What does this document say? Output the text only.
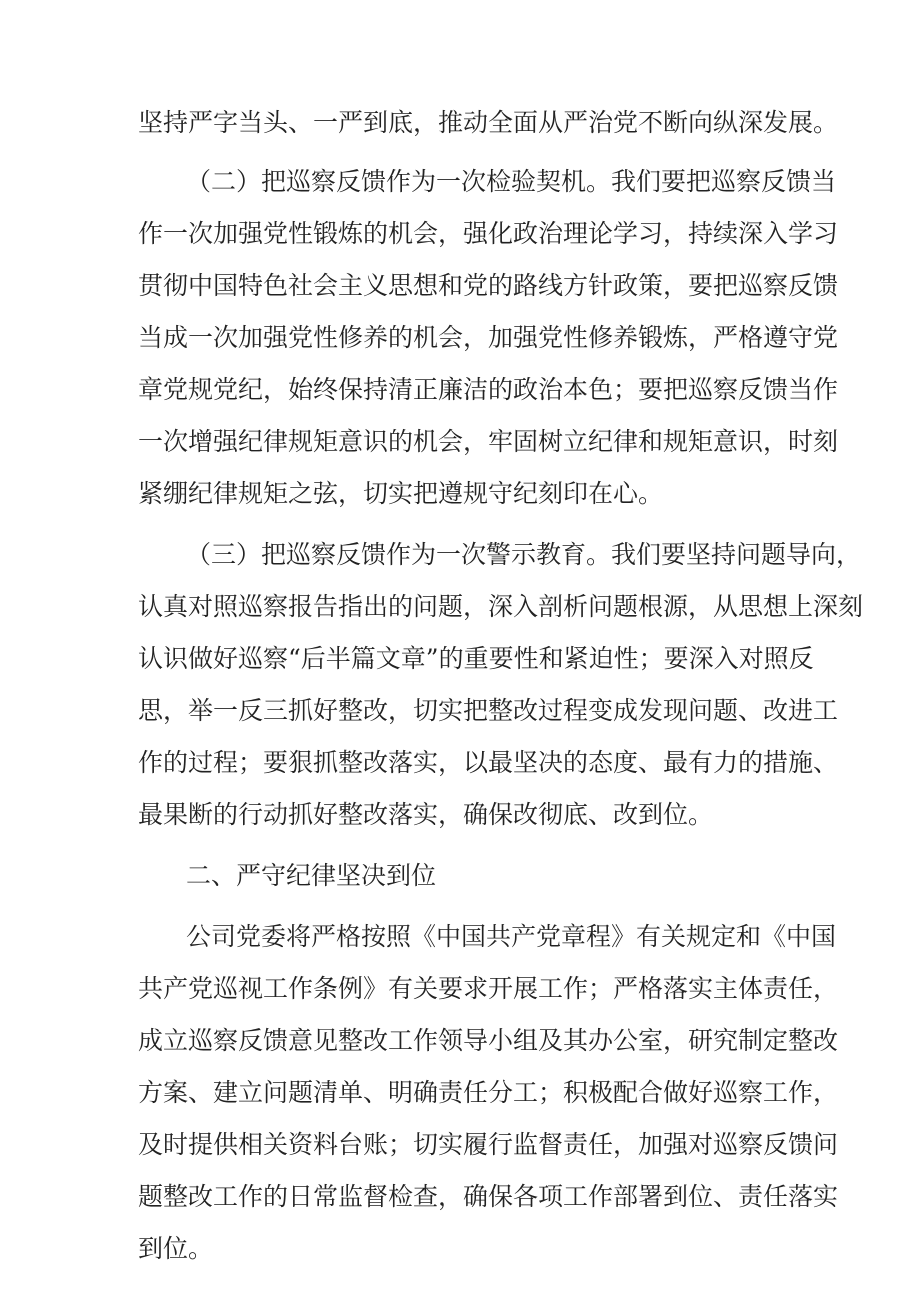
坚持严字当头、一严到底，推动全面从严治党不断向纵深发展。
（二）把巡察反馈作为一次检验契机。我们要把巡察反馈当
作一次加强党性锻炼的机会，强化政治理论学习，持续深入学习
贯彻中国特色社会主义思想和党的路线方针政策，要把巡察反馈
当成一次加强党性修养的机会，加强党性修养锻炼，严格遵守党
章党规党纪，始终保持清正廉洁的政治本色；要把巡察反馈当作
一次增强纪律规矩意识的机会，牢固树立纪律和规矩意识，时刻
紧绷纪律规矩之弦，切实把遵规守纪刻印在心。
（三）把巡察反馈作为一次警示教育。我们要坚持问题导向，
认真对照巡察报告指出的问题，深入剖析问题根源，从思想上深刻
认识做好巡察“后半篇文章”的重要性和紧迫性；要深入对照反
思，举一反三抓好整改，切实把整改过程变成发现问题、改进工
作的过程；要狠抓整改落实，以最坚决的态度、最有力的措施、
最果断的行动抓好整改落实，确保改彻底、改到位。
二、严守纪律坚决到位
公司党委将严格按照《中国共产党章程》有关规定和《中国
共产党巡视工作条例》有关要求开展工作；严格落实主体责任，
成立巡察反馈意见整改工作领导小组及其办公室，研究制定整改
方案、建立问题清单、明确责任分工；积极配合做好巡察工作，
及时提供相关资料台账；切实履行监督责任，加强对巡察反馈问
题整改工作的日常监督检查，确保各项工作部署到位、责任落实
到位。
